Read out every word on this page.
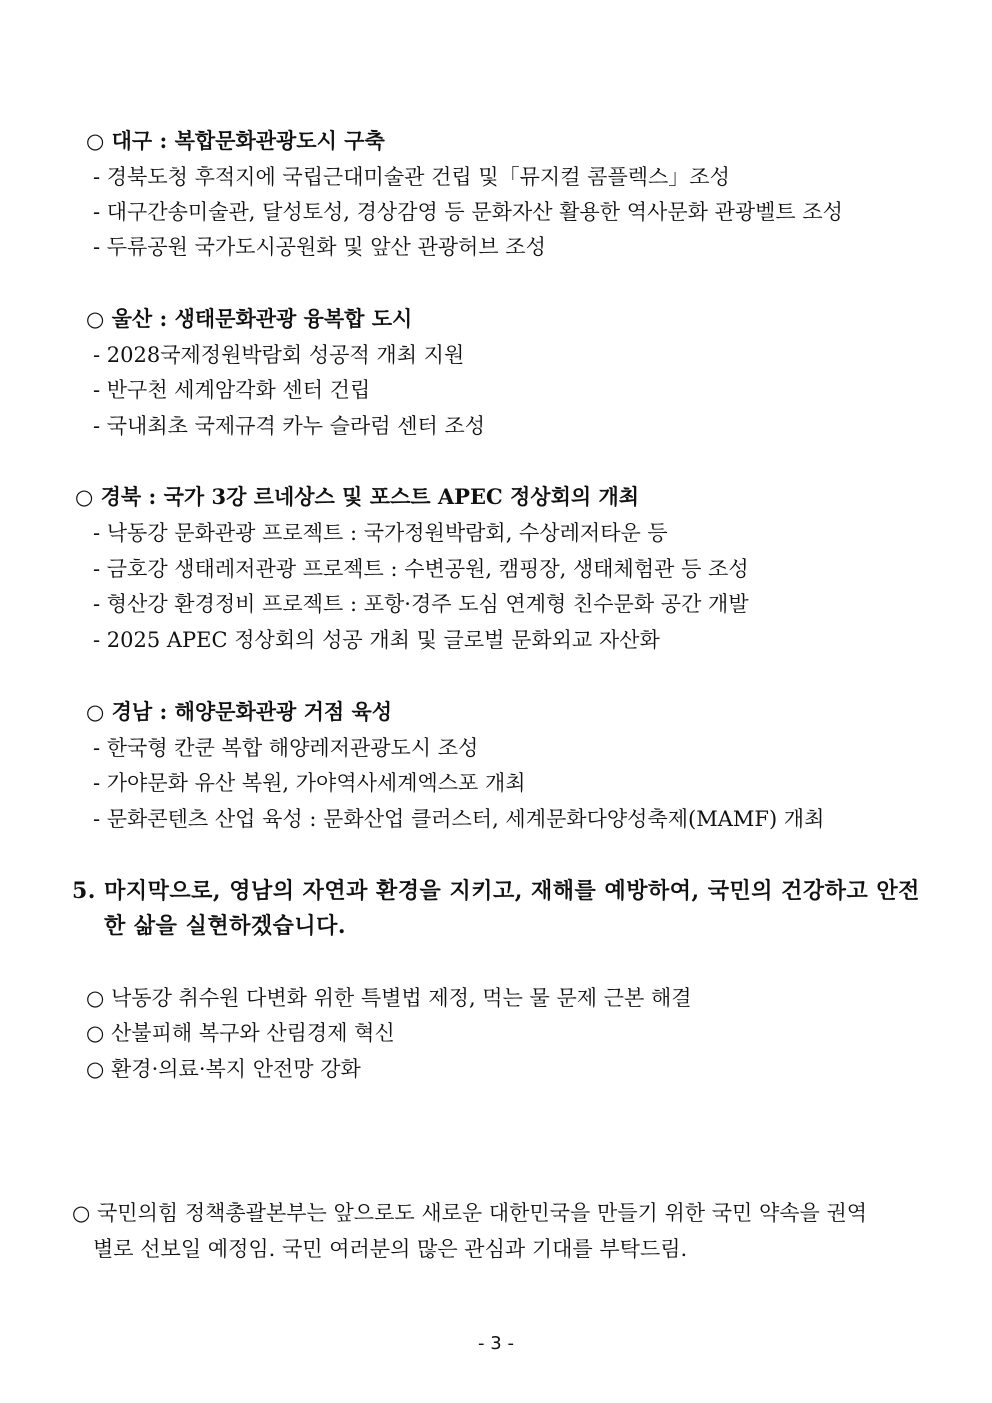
○ 대구 : 복합문화관광도시 구축
- 경북도청 후적지에 국립근대미술관 건립 및「뮤지컬 콤플렉스」조성
- 대구간송미술관, 달성토성, 경상감영 등 문화자산 활용한 역사문화 관광벨트 조성
- 두류공원 국가도시공원화 및 앞산 관광허브 조성
○ 울산 : 생태문화관광 융복합 도시
- 2028국제정원박람회 성공적 개최 지원
- 반구천 세계암각화 센터 건립
- 국내최초 국제규격 카누 슬라럼 센터 조성
○ 경북 : 국가 3강 르네상스 및 포스트 APEC 정상회의 개최
- 낙동강 문화관광 프로젝트 : 국가정원박람회, 수상레저타운 등
- 금호강 생태레저관광 프로젝트 : 수변공원, 캠핑장, 생태체험관 등 조성
- 형산강 환경정비 프로젝트 : 포항·경주 도심 연계형 친수문화 공간 개발
- 2025 APEC 정상회의 성공 개최 및 글로벌 문화외교 자산화
○ 경남 : 해양문화관광 거점 육성
- 한국형 칸쿤 복합 해양레저관광도시 조성
- 가야문화 유산 복원, 가야역사세계엑스포 개최
- 문화콘텐츠 산업 육성 : 문화산업 클러스터, 세계문화다양성축제(MAMF) 개최
5. 마지막으로, 영남의 자연과 환경을 지키고, 재해를 예방하여, 국민의 건강하고 안전
한 삶을 실현하겠습니다.
○ 낙동강 취수원 다변화 위한 특별법 제정, 먹는 물 문제 근본 해결
○ 산불피해 복구와 산림경제 혁신
○ 환경·의료·복지 안전망 강화
○ 국민의힘 정책총괄본부는 앞으로도 새로운 대한민국을 만들기 위한 국민 약속을 권역
별로 선보일 예정임. 국민 여러분의 많은 관심과 기대를 부탁드림.
- 3 -
